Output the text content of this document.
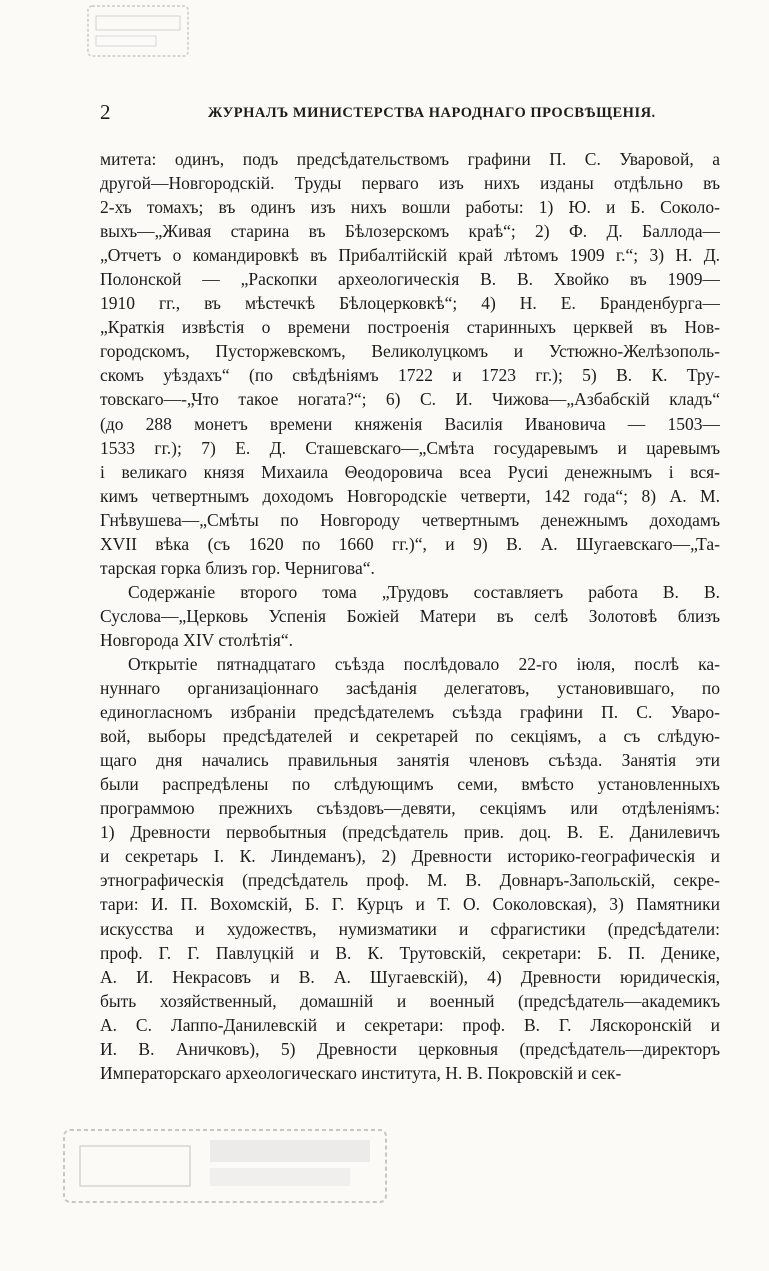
2	ЖУРНАЛЪ МИНИСТЕРСТВА НАРОДНАГО ПРОСВѢЩЕНІЯ.
митета: одинъ, подъ предсѣдательствомъ графини П. С. Уваровой, а
другой—Новгородскій. Труды перваго изъ нихъ изданы отдѣльно въ
2-хъ томахъ; въ одинъ изъ нихъ вошли работы: 1) Ю. и Б. Соколо-
выхъ—„Живая старина въ Бѣлозерскомъ краѣ“; 2) Ф. Д. Баллода—
„Отчетъ о командировкѣ въ Прибалтійскій край лѣтомъ 1909 г.“; 3) Н. Д.
Полонской — „Раскопки археологическія В. В. Хвойко въ 1909—
1910 гг., въ мѣстечкѣ Бѣлоцерковкѣ“; 4) Н. Е. Бранденбурга—
„Краткія извѣстія о времени построенія старинныхъ церквей въ Нов-
городскомъ, Пусторжевскомъ, Великолуцкомъ и Устюжно-Желѣзополь-
скомъ уѣздахъ“ (по свѣдѣніямъ 1722 и 1723 гг.); 5) В. К. Тру-
товскаго—-„Что такое ногата?“; 6) С. И. Чижова—„Азбабскій кладъ“
(до 288 монетъ времени княженія Василія Ивановича — 1503—
1533 гг.); 7) Е. Д. Сташевскаго—„Смѣта государевымъ и царевымъ
і великаго князя Михаила Θеодоровича всеа Русиі денежнымъ і вся-
кимъ четвертнымъ доходомъ Новгородскіе четверти, 142 года“; 8) А. М.
Гнѣвушева—„Смѣты по Новгороду четвертнымъ денежнымъ доходамъ
XVII вѣка (съ 1620 по 1660 гг.)“, и 9) В. А. Шугаевскаго—„Та-
тарская горка близъ гор. Чернигова“.
Содержаніе второго тома „Трудовъ составляетъ работа В. В.
Суслова—„Церковь Успенія Божіей Матери въ селѣ Золотовѣ близъ
Новгорода XIV столѣтія“.
Открытіе пятнадцатаго съѣзда послѣдовало 22-го іюля, послѣ ка-
нуннаго организаціоннаго засѣданія делегатовъ, установившаго, по
единогласномъ избраніи предсѣдателемъ съѣзда графини П. С. Уваро-
вой, выборы предсѣдателей и секретарей по секціямъ, а съ слѣдую-
щаго дня начались правильныя занятія членовъ съѣзда. Занятія эти
были распредѣлены по слѣдующимъ семи, вмѣсто установленныхъ
программою прежнихъ съѣздовъ—девяти, секціямъ или отдѣленіямъ:
1) Древности первобытныя (предсѣдатель прив. доц. В. Е. Данилевичъ
и секретарь І. К. Линдеманъ), 2) Древности историко-географическія и
этнографическія (предсѣдатель проф. М. В. Довнаръ-Запольскій, секре-
тари: И. П. Вохомскій, Б. Г. Курцъ и Т. О. Соколовская), 3) Памятники
искусства и художествъ, нумизматики и сфрагистики (предсѣдатели:
проф. Г. Г. Павлуцкій и В. К. Трутовскій, секретари: Б. П. Денике,
А. И. Некрасовъ и В. А. Шугаевскій), 4) Древности юридическія,
быть хозяйственный, домашній и военный (предсѣдатель—академикъ
А. С. Лаппо-Данилевскій и секретари: проф. В. Г. Ляскоронскій и
И. В. Аничковъ), 5) Древности церковныя (предсѣдатель—директоръ
Императорскаго археологическаго института, Н. В. Покровскій и сек-
